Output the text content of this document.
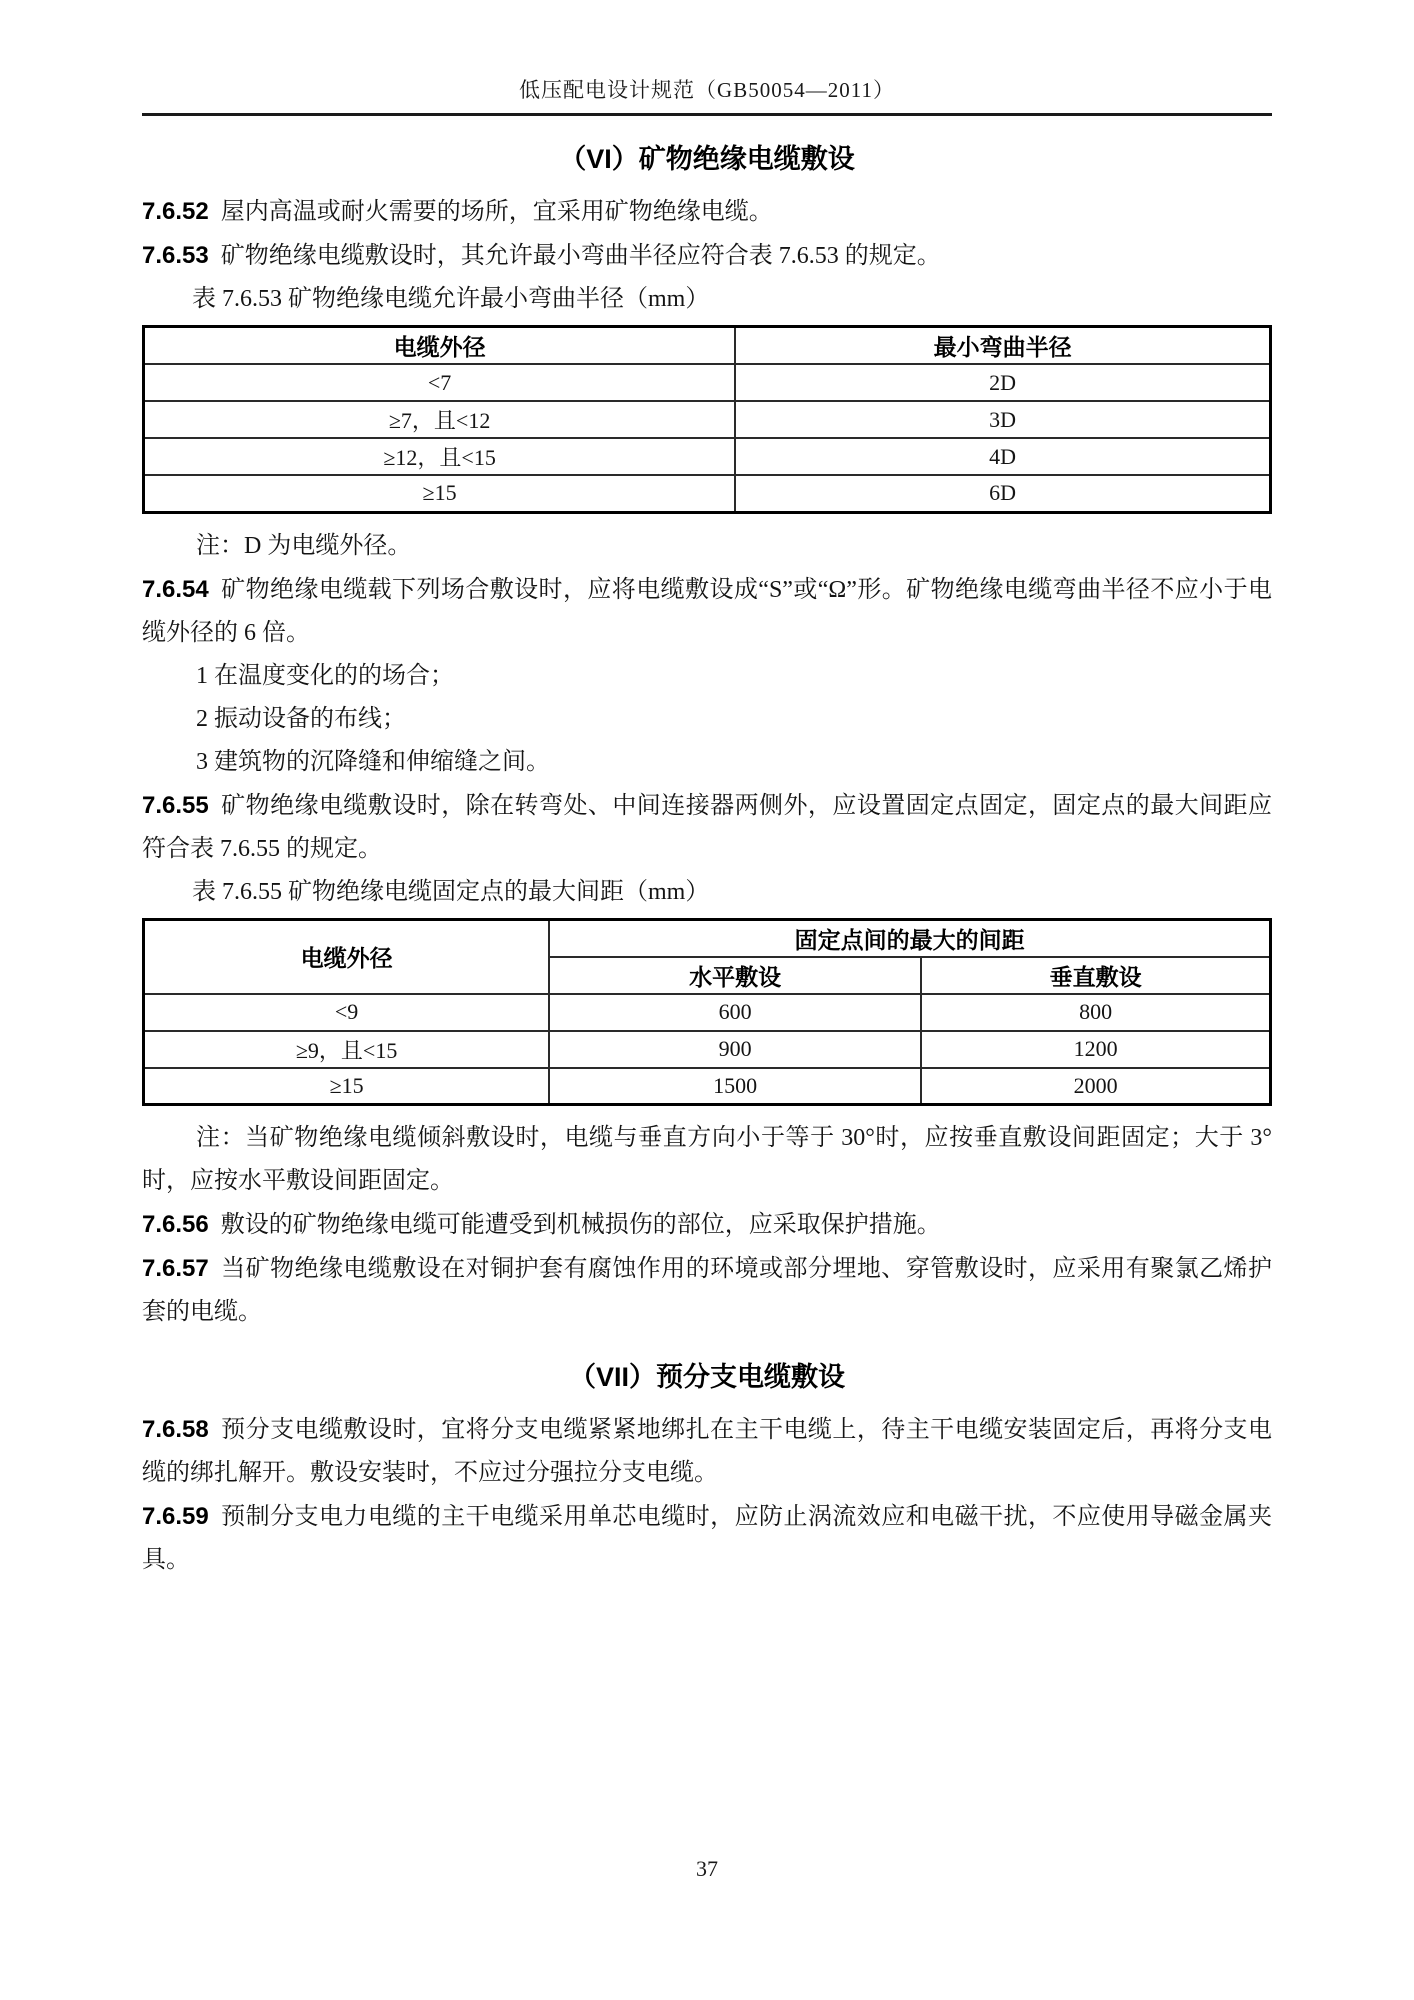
低压配电设计规范（GB50054—2011）
（VI）矿物绝缘电缆敷设

7.6.52 屋内高温或耐火需要的场所，宜采用矿物绝缘电缆。

7.6.53 矿物绝缘电缆敷设时，其允许最小弯曲半径应符合表 7.6.53 的规定。

表 7.6.53 矿物绝缘电缆允许最小弯曲半径（mm）

电缆外径	最小弯曲半径
<7	2D
≥7，且<12	3D
≥12，且<15	4D
≥15	6D

注：D 为电缆外径。

7.6.54 矿物绝缘电缆载下列场合敷设时，应将电缆敷设成“S”或“Ω”形。矿物绝缘电缆弯曲半径不应小于电缆外径的 6 倍。

1 在温度变化的的场合；

2 振动设备的布线；

3 建筑物的沉降缝和伸缩缝之间。

7.6.55 矿物绝缘电缆敷设时，除在转弯处、中间连接器两侧外，应设置固定点固定，固定点的最大间距应符合表 7.6.55 的规定。

表 7.6.55 矿物绝缘电缆固定点的最大间距（mm）

电缆外径	固定点间的最大的间距	
	水平敷设	垂直敷设
<9	600	800
≥9，且<15	900	1200
≥15	1500	2000

注：当矿物绝缘电缆倾斜敷设时，电缆与垂直方向小于等于 30°时，应按垂直敷设间距固定；大于 3°时，应按水平敷设间距固定。

7.6.56 敷设的矿物绝缘电缆可能遭受到机械损伤的部位，应采取保护措施。

7.6.57 当矿物绝缘电缆敷设在对铜护套有腐蚀作用的环境或部分埋地、穿管敷设时，应采用有聚氯乙烯护套的电缆。

（VII）预分支电缆敷设

7.6.58 预分支电缆敷设时，宜将分支电缆紧紧地绑扎在主干电缆上，待主干电缆安装固定后，再将分支电缆的绑扎解开。敷设安装时，不应过分强拉分支电缆。

7.6.59 预制分支电力电缆的主干电缆采用单芯电缆时，应防止涡流效应和电磁干扰，不应使用导磁金属夹具。

37
